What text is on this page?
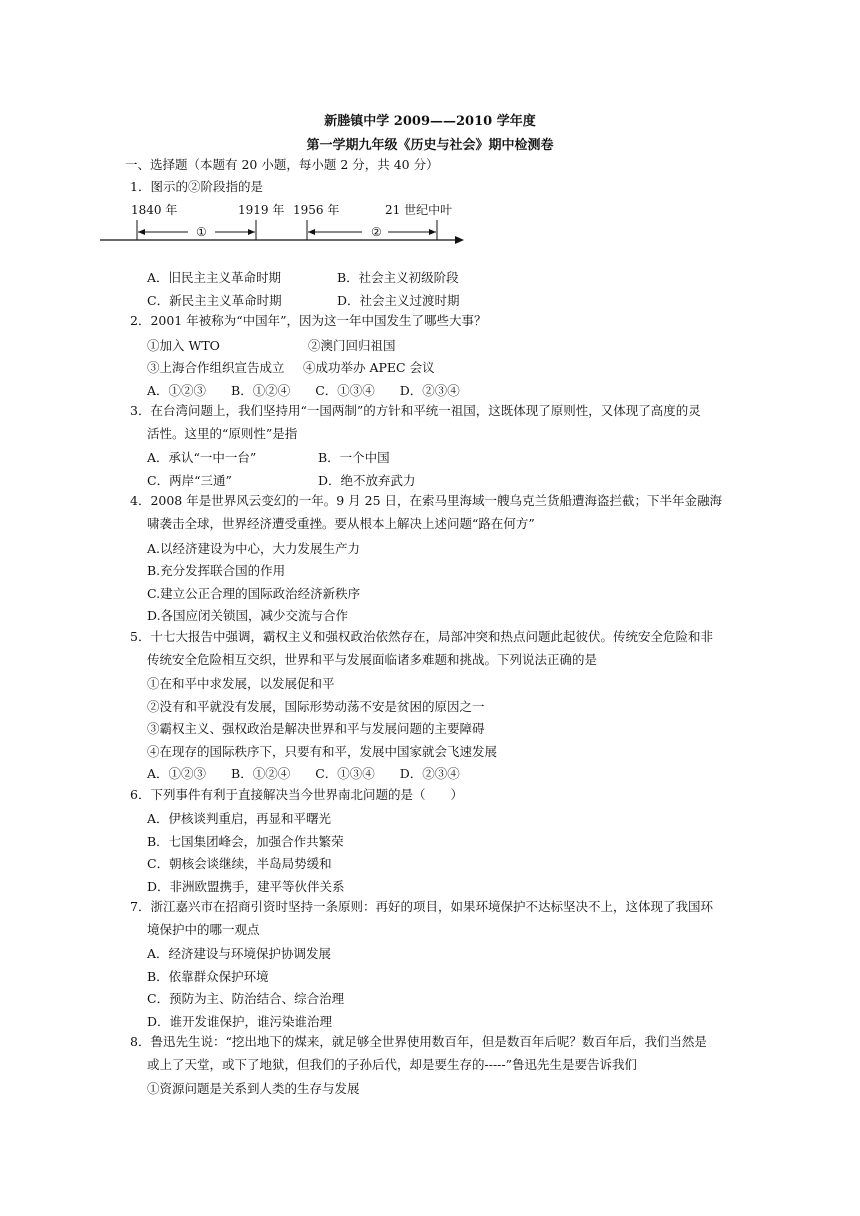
新塍镇中学 2009——2010 学年度
第一学期九年级《历史与社会》期中检测卷
一、选择题（本题有 20 小题，每小题 2 分，共 40 分）
1．图示的②阶段指的是
1840 年	1919 年 1956 年	21 世纪中叶
①	②
A．旧民主主义革命时期	B．社会主义初级阶段
C．新民主主义革命时期	D．社会主义过渡时期
2．2001 年被称为“中国年”，因为这一年中国发生了哪些大事？
①加入 WTO	②澳门回归祖国
③上海合作组织宣告成立 ④成功举办 APEC 会议
A．①②③　　B．①②④　　C．①③④　　D．②③④
3．在台湾问题上，我们坚持用“一国两制”的方针和平统一祖国，这既体现了原则性，又体现了高度的灵
活性。这里的“原则性”是指
A．承认“一中一台”	B．一个中国
C．两岸“三通”	D．绝不放弃武力
4．2008 年是世界风云变幻的一年。9 月 25 日，在索马里海域一艘乌克兰货船遭海盗拦截；下半年金融海
啸袭击全球，世界经济遭受重挫。要从根本上解决上述问题“路在何方”
A.以经济建设为中心，大力发展生产力
B.充分发挥联合国的作用
C.建立公正合理的国际政治经济新秩序
D.各国应闭关锁国，减少交流与合作
5．十七大报告中强调，霸权主义和强权政治依然存在，局部冲突和热点问题此起彼伏。传统安全危险和非
传统安全危险相互交织，世界和平与发展面临诸多难题和挑战。下列说法正确的是
①在和平中求发展，以发展促和平
②没有和平就没有发展，国际形势动荡不安是贫困的原因之一
③霸权主义、强权政治是解决世界和平与发展问题的主要障碍
④在现存的国际秩序下，只要有和平，发展中国家就会飞速发展
A．①②③　　B．①②④　　C．①③④　　D．②③④
6．下列事件有利于直接解决当今世界南北问题的是（　　）
A．伊核谈判重启，再显和平曙光
B．七国集团峰会，加强合作共繁荣
C．朝核会谈继续，半岛局势缓和
D．非洲欧盟携手，建平等伙伴关系
7．浙江嘉兴市在招商引资时坚持一条原则：再好的项目，如果环境保护不达标坚决不上，这体现了我国环
境保护中的哪一观点
A．经济建设与环境保护协调发展
B．依靠群众保护环境
C．预防为主、防治结合、综合治理
D．谁开发谁保护，谁污染谁治理
8．鲁迅先生说：“挖出地下的煤来，就足够全世界使用数百年，但是数百年后呢？数百年后，我们当然是
或上了天堂，或下了地狱，但我们的子孙后代，却是要生存的-----”鲁迅先生是要告诉我们
①资源问题是关系到人类的生存与发展
